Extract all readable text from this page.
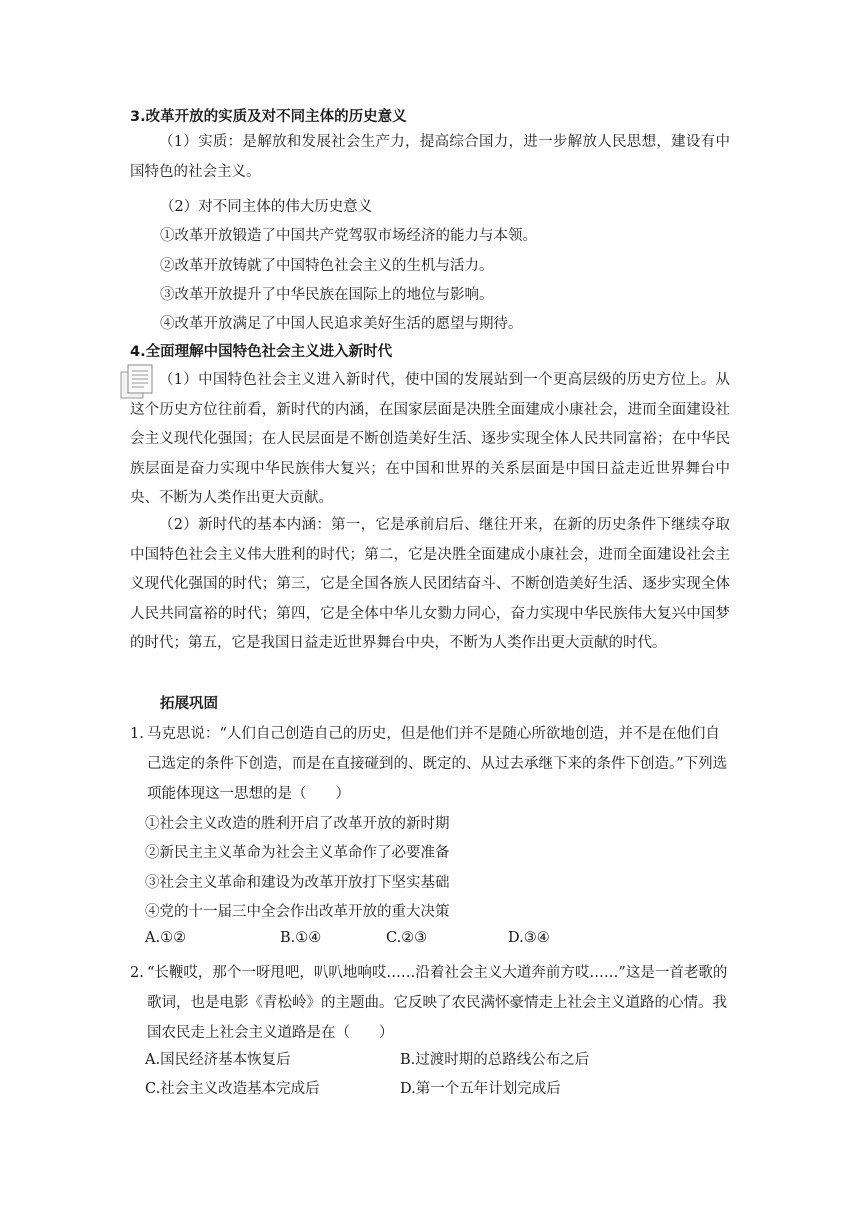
3.改革开放的实质及对不同主体的历史意义
（1）实质：是解放和发展社会生产力，提高综合国力，进一步解放人民思想，建设有中国特色的社会主义。
（2）对不同主体的伟大历史意义
①改革开放锻造了中国共产党驾驭市场经济的能力与本领。
②改革开放铸就了中国特色社会主义的生机与活力。
③改革开放提升了中华民族在国际上的地位与影响。
④改革开放满足了中国人民追求美好生活的愿望与期待。
4.全面理解中国特色社会主义进入新时代
（1）中国特色社会主义进入新时代，使中国的发展站到一个更高层级的历史方位上。从这个历史方位往前看，新时代的内涵，在国家层面是决胜全面建成小康社会，进而全面建设社会主义现代化强国；在人民层面是不断创造美好生活、逐步实现全体人民共同富裕；在中华民族层面是奋力实现中华民族伟大复兴；在中国和世界的关系层面是中国日益走近世界舞台中央、不断为人类作出更大贡献。
（2）新时代的基本内涵：第一，它是承前启后、继往开来，在新的历史条件下继续夺取中国特色社会主义伟大胜利的时代；第二，它是决胜全面建成小康社会，进而全面建设社会主义现代化强国的时代；第三，它是全国各族人民团结奋斗、不断创造美好生活、逐步实现全体人民共同富裕的时代；第四，它是全体中华儿女勠力同心，奋力实现中华民族伟大复兴中国梦的时代；第五，它是我国日益走近世界舞台中央，不断为人类作出更大贡献的时代。
拓展巩固
1. 马克思说：“人们自己创造自己的历史，但是他们并不是随心所欲地创造，并不是在他们自己选定的条件下创造，而是在直接碰到的、既定的、从过去承继下来的条件下创造。”下列选项能体现这一思想的是（　　）
①社会主义改造的胜利开启了改革开放的新时期
②新民主主义革命为社会主义革命作了必要准备
③社会主义革命和建设为改革开放打下坚实基础
④党的十一届三中全会作出改革开放的重大决策
A.①②	B.①④	C.②③	D.③④
2. “长鞭哎，那个一呀甩吧，叭叭地响哎……沿着社会主义大道奔前方哎……”这是一首老歌的歌词，也是电影《青松岭》的主题曲。它反映了农民满怀豪情走上社会主义道路的心情。我国农民走上社会主义道路是在（　　）
A.国民经济基本恢复后	B.过渡时期的总路线公布之后
C.社会主义改造基本完成后	D.第一个五年计划完成后
